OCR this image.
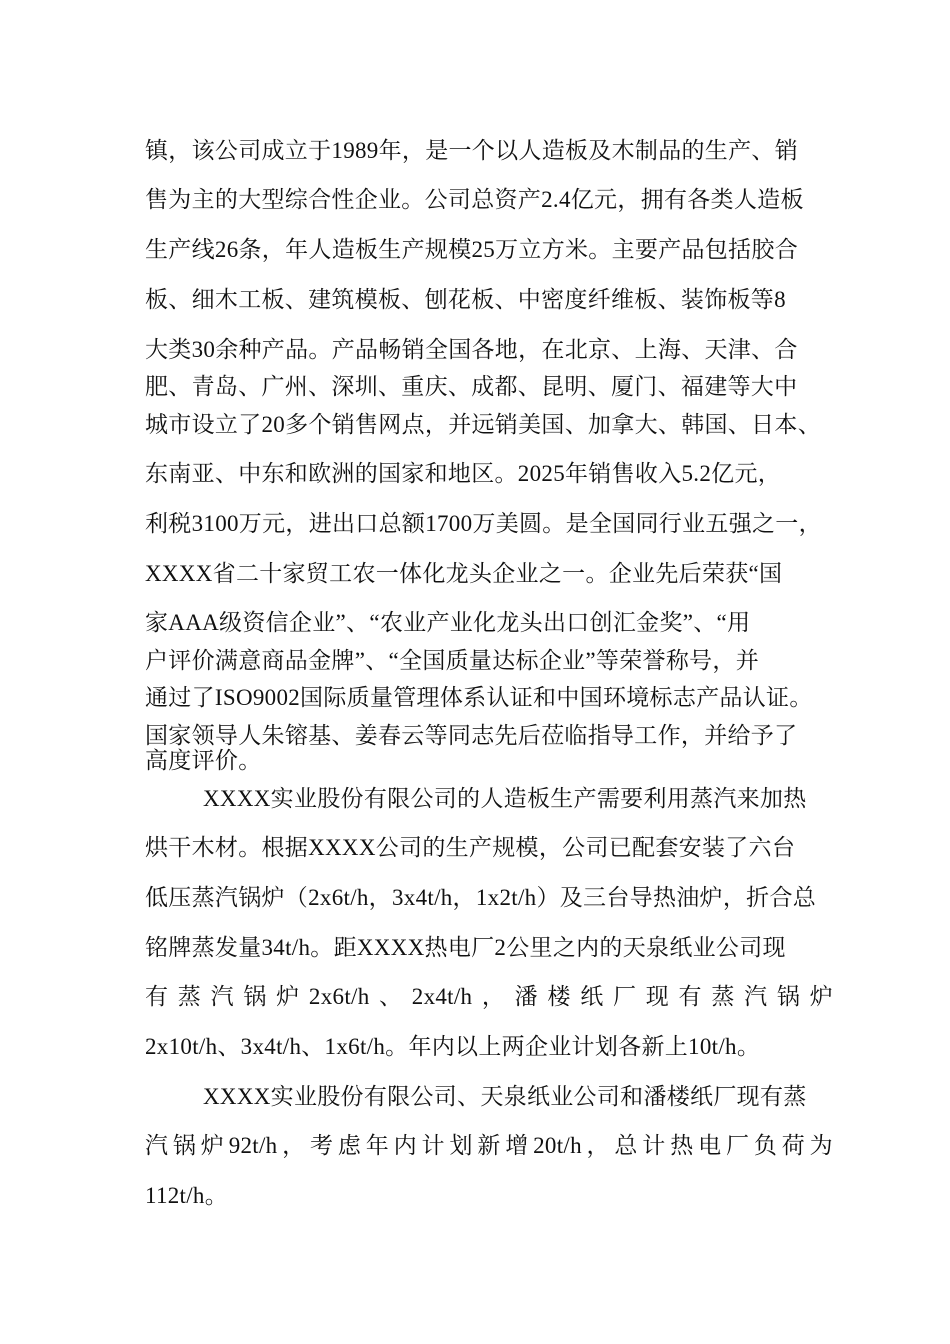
镇，该公司成立于1989年，是一个以人造板及木制品的生产、销
售为主的大型综合性企业。公司总资产2.4亿元，拥有各类人造板
生产线26条，年人造板生产规模25万立方米。主要产品包括胶合
板、细木工板、建筑模板、刨花板、中密度纤维板、装饰板等8
大类30余种产品。产品畅销全国各地，在北京、上海、天津、合
肥、青岛、广州、深圳、重庆、成都、昆明、厦门、福建等大中
城市设立了20多个销售网点，并远销美国、加拿大、韩国、日本、
东南亚、中东和欧洲的国家和地区。2025年销售收入5.2亿元，
利税3100万元，进出口总额1700万美圆。是全国同行业五强之一，
XXXX省二十家贸工农一体化龙头企业之一。企业先后荣获“国
家AAA级资信企业”、“农业产业化龙头出口创汇金奖”、“用
户评价满意商品金牌”、“全国质量达标企业”等荣誉称号，并
通过了ISO9002国际质量管理体系认证和中国环境标志产品认证。
国家领导人朱镕基、姜春云等同志先后莅临指导工作，并给予了
高度评价。
XXXX实业股份有限公司的人造板生产需要利用蒸汽来加热
烘干木材。根据XXXX公司的生产规模，公司已配套安装了六台
低压蒸汽锅炉（2x6t/h，3x4t/h，1x2t/h）及三台导热油炉，折合总
铭牌蒸发量34t/h。距XXXX热电厂2公里之内的天泉纸业公司现
有蒸汽锅炉2x6t/h、2x4t/h，潘楼纸厂现有蒸汽锅炉
2x10t/h、3x4t/h、1x6t/h。年内以上两企业计划各新上10t/h。
XXXX实业股份有限公司、天泉纸业公司和潘楼纸厂现有蒸
汽锅炉92t/h，考虑年内计划新增20t/h，总计热电厂负荷为
112t/h。
